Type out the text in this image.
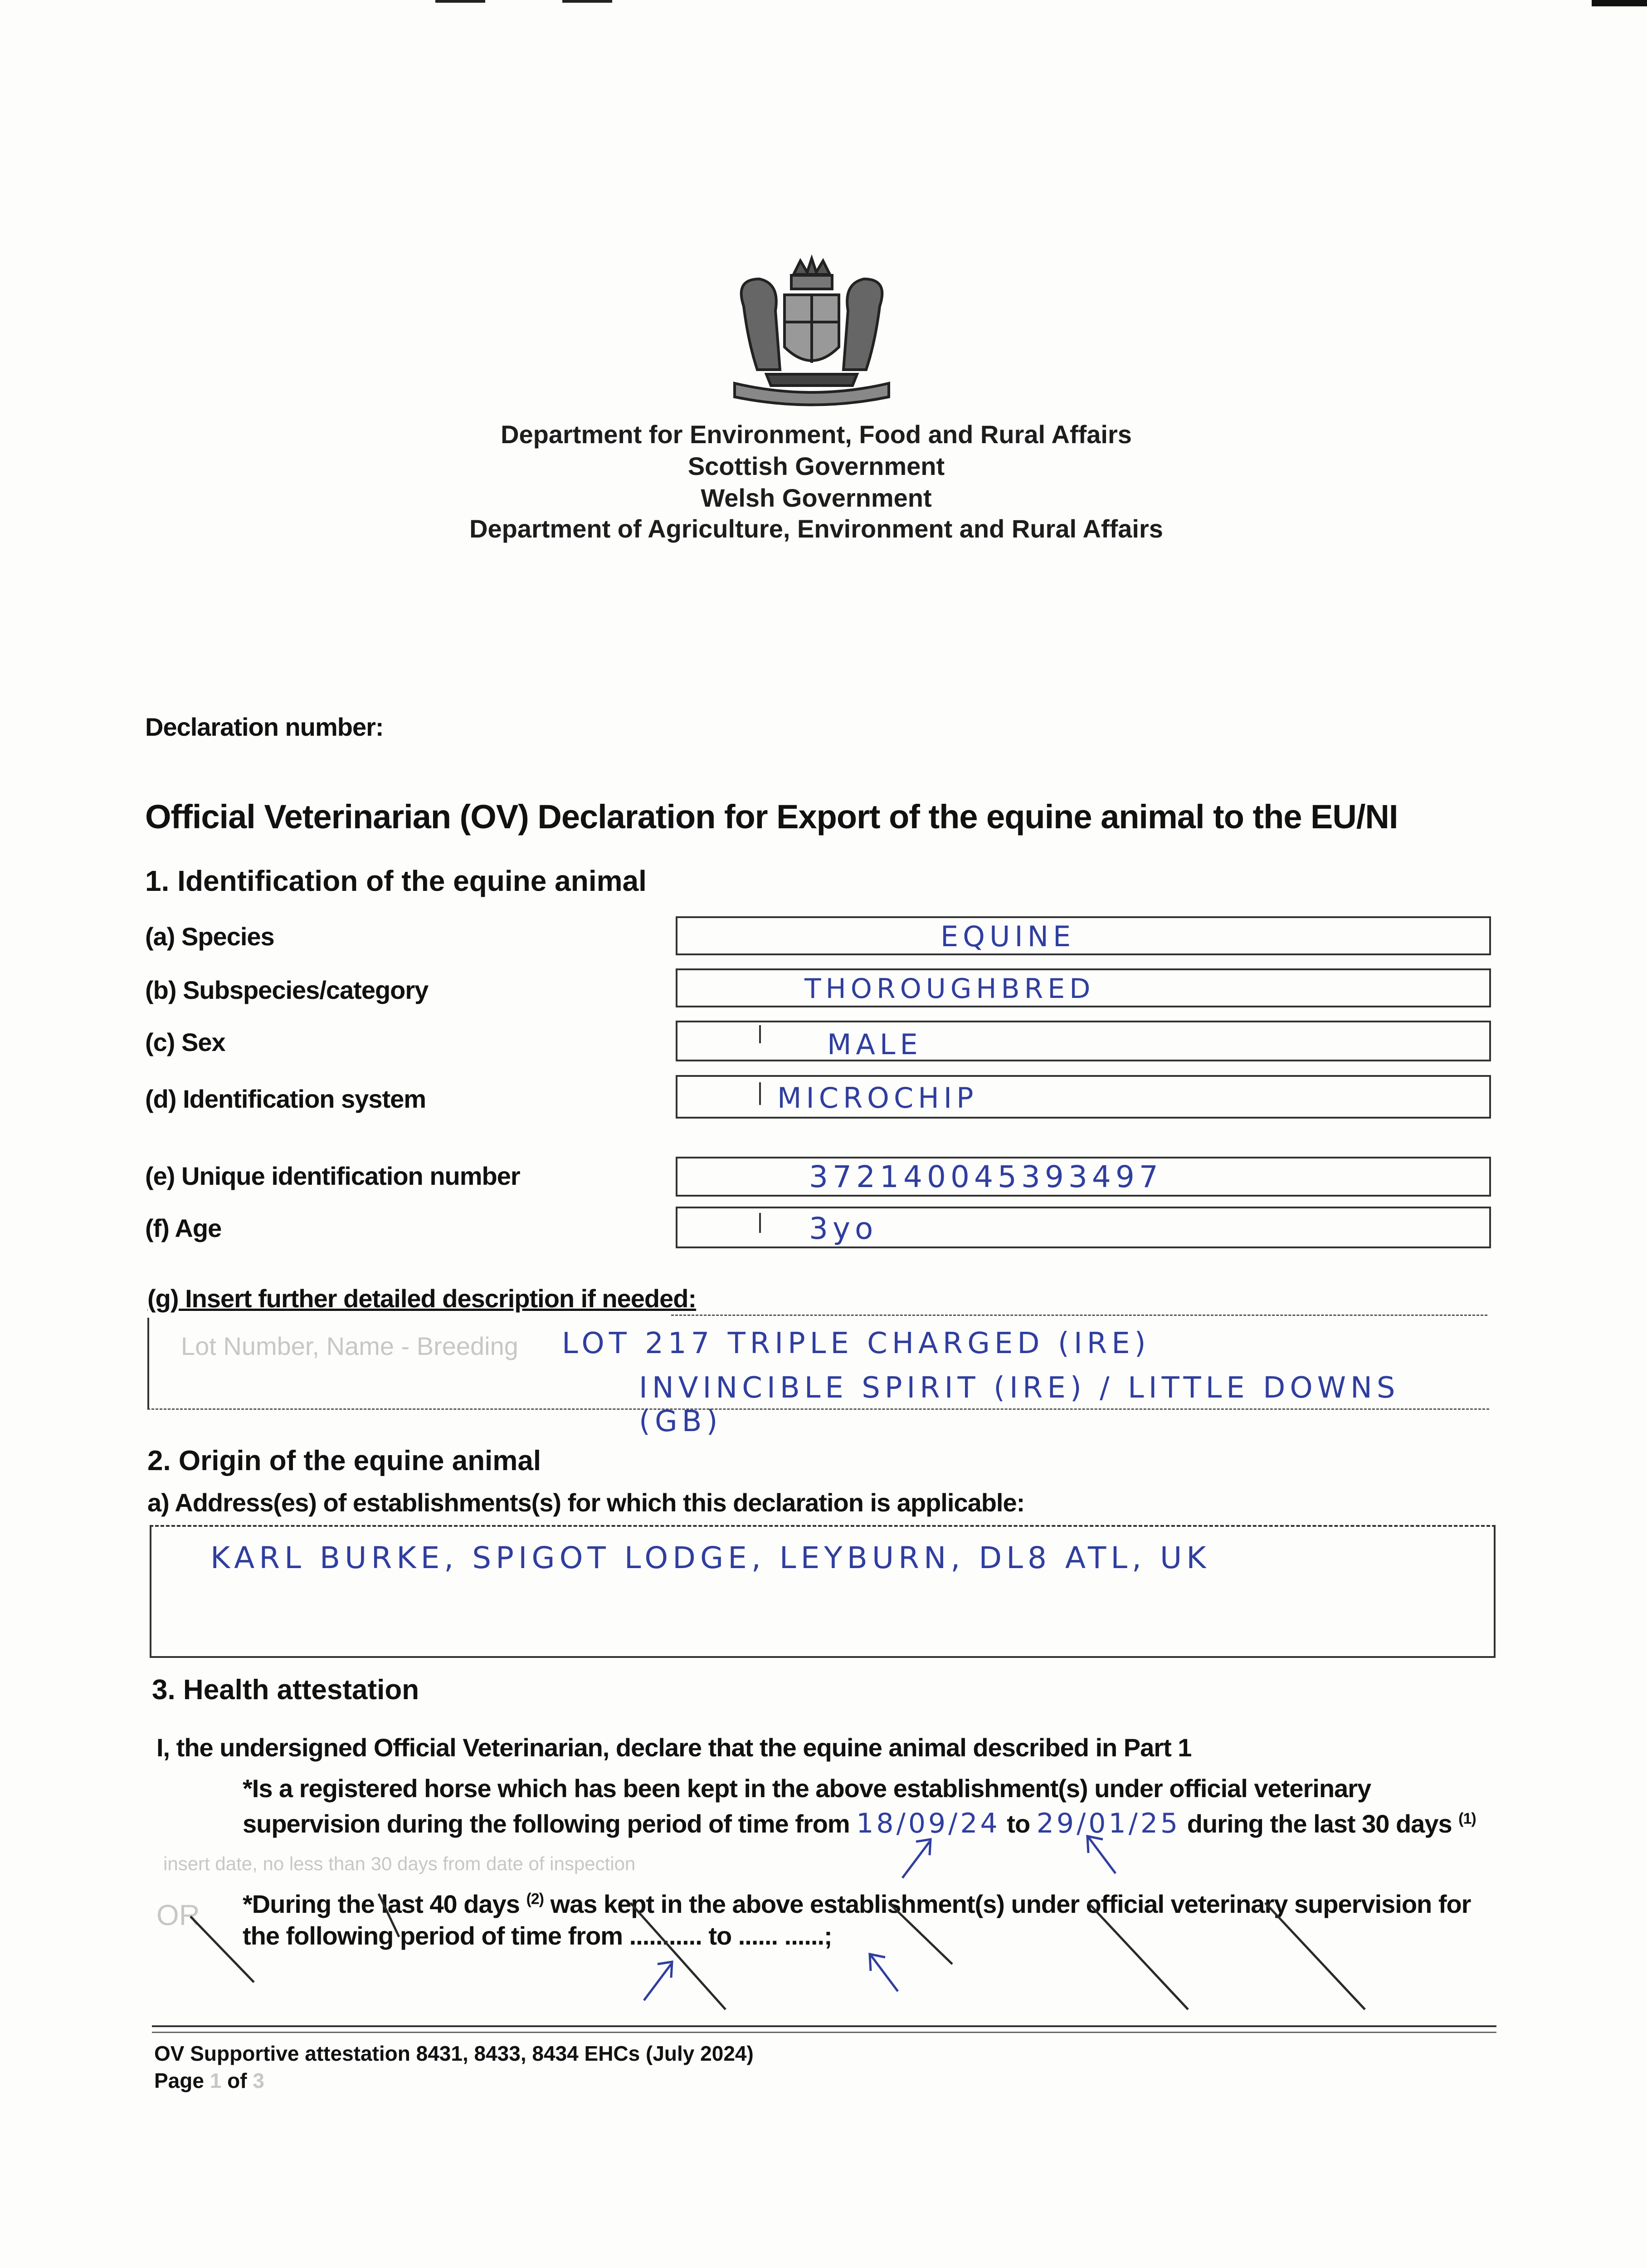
Department for Environment, Food and Rural Affairs
Scottish Government
Welsh Government
Department of Agriculture, Environment and Rural Affairs
Declaration number:
Official Veterinarian (OV) Declaration for Export of the equine animal to the EU/NI
1. Identification of the equine animal
(a) Species
(b) Subspecies/category
(c) Sex
(d) Identification system
(e) Unique identification number
(f) Age
EQUINE
THOROUGHBRED
MALE
MICROCHIP
372140045393497
3yo
(g) Insert further detailed description if needed:
Lot Number, Name - Breeding LOT 217 TRIPLE CHARGED (IRE)
INVINCIBLE SPIRIT (IRE) / LITTLE DOWNS (GB)
2. Origin of the equine animal
a) Address(es) of establishments(s) for which this declaration is applicable:
KARL BURKE, SPIGOT LODGE, LEYBURN, DL8 ATL, UK
3. Health attestation
I, the undersigned Official Veterinarian, declare that the equine animal described in Part 1
*Is a registered horse which has been kept in the above establishment(s) under official veterinary
supervision during the following period of time from 18/09/24 to 29/01/25 during the last 30 days $^{(1)}$
insert date, no less than 30 days from date of inspection
OR *During the last 40 days $^{(2)}$ was kept in the above establishment(s) under official veterinary supervision for
the following period of time from ........... to ...... ......;
OV Supportive attestation 8431, 8433, 8434 EHCs (July 2024)
Page 1 of 3
